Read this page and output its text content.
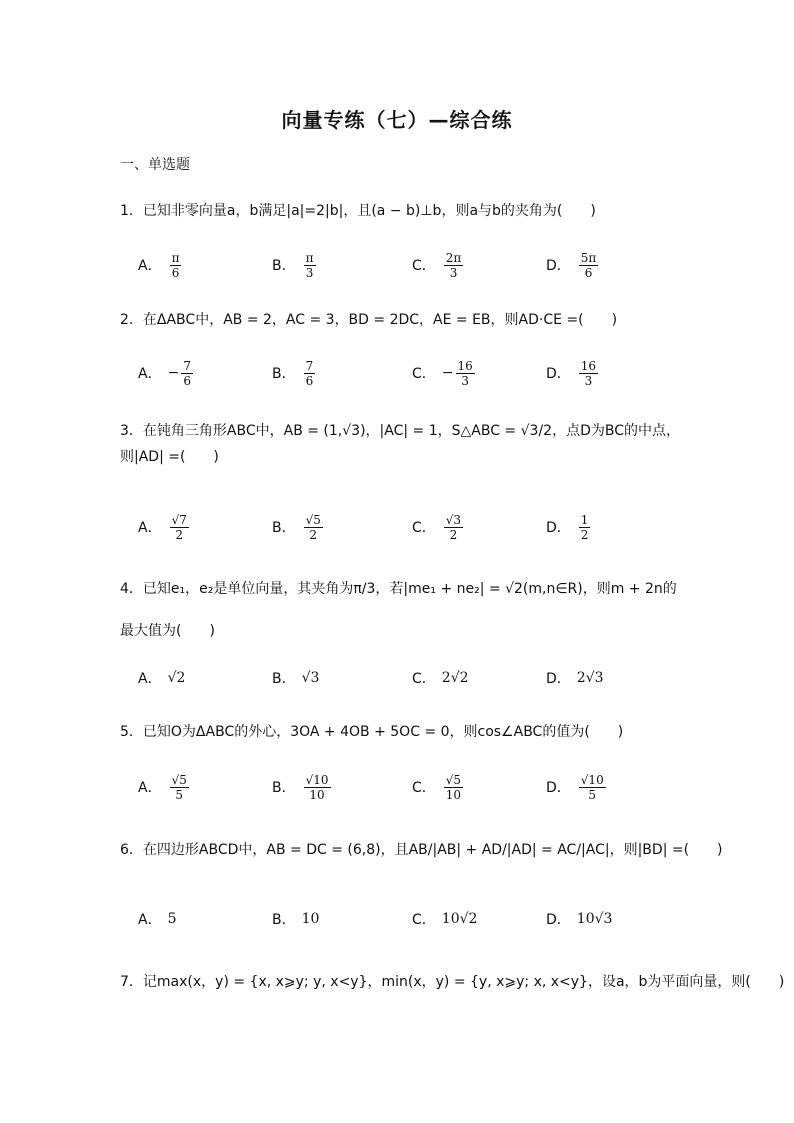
向量专练（七）—综合练
一、单选题
1．已知非零向量a，b满足|a|=2|b|，且(a − b)⊥b，则a与b的夹角为(　　)
A． $\frac{\pi}{6}$	B． $\frac{\pi}{3}$	C． $\frac{2\pi}{3}$	D． $\frac{5\pi}{6}$
2．在ΔABC中，AB = 2，AC = 3，BD = 2DC，AE = EB，则AD·CE =(　　)
A． − $\frac{7}{6}$	B． $\frac{7}{6}$	C． − $\frac{16}{3}$	D． $\frac{16}{3}$
3．在钝角三角形ABC中，AB = (1,√3)，|AC| = 1，S△ABC = √3/2，点D为BC的中点，则|AD| =(　　)
A． $\frac{√7}{2}$	B． $\frac{√5}{2}$	C． $\frac{√3}{2}$	D． $\frac{1}{2}$
4．已知e₁，e₂是单位向量，其夹角为π/3，若|me₁ + ne₂| = √2(m,n∈R)，则m + 2n的最大值为(　　)
A． √2	B． √3	C． 2√2	D． 2√3
5．已知O为ΔABC的外心，3OA + 4OB + 5OC = 0，则cos∠ABC的值为(　　)
A． $\frac{√5}{5}$	B． $\frac{√10}{10}$	C． $\frac{√5}{10}$	D． $\frac{√10}{5}$
6．在四边形ABCD中，AB = DC = (6,8)，且AB/|AB| + AD/|AD| = AC/|AC|，则|BD| =(　　)
A． 5	B． 10	C． 10√2	D． 10√3
7．记max(x，y) = {x, x⩾y; y, x<y}，min(x，y) = {y, x⩾y; x, x<y}，设a，b为平面向量，则(　　)
